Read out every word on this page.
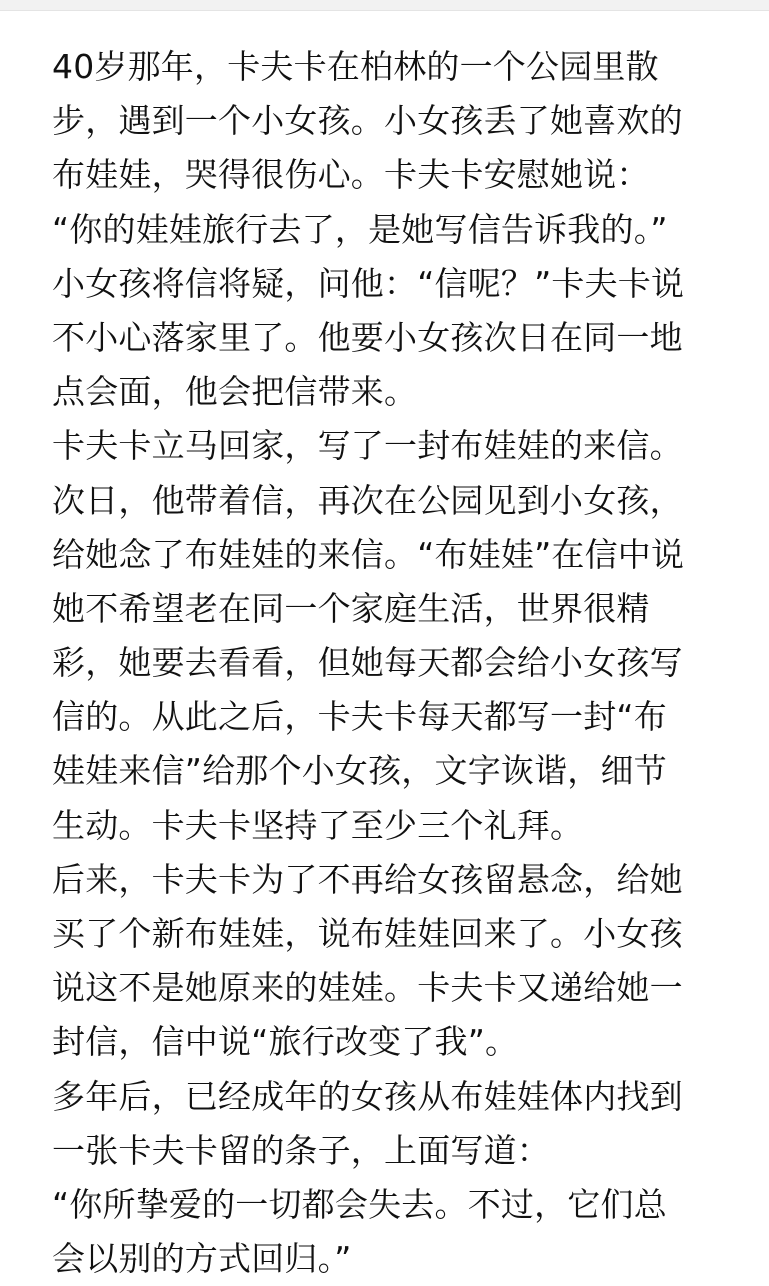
40岁那年，卡夫卡在柏林的一个公园里散
步，遇到一个小女孩。小女孩丢了她喜欢的
布娃娃，哭得很伤心。卡夫卡安慰她说：
“你的娃娃旅行去了，是她写信告诉我的。”
小女孩将信将疑，问他：“信呢？”卡夫卡说
不小心落家里了。他要小女孩次日在同一地
点会面，他会把信带来。
卡夫卡立马回家，写了一封布娃娃的来信。
次日，他带着信，再次在公园见到小女孩，
给她念了布娃娃的来信。“布娃娃”在信中说
她不希望老在同一个家庭生活，世界很精
彩，她要去看看，但她每天都会给小女孩写
信的。从此之后，卡夫卡每天都写一封“布
娃娃来信”给那个小女孩，文字诙谐，细节
生动。卡夫卡坚持了至少三个礼拜。
后来，卡夫卡为了不再给女孩留悬念，给她
买了个新布娃娃，说布娃娃回来了。小女孩
说这不是她原来的娃娃。卡夫卡又递给她一
封信，信中说“旅行改变了我”。
多年后，已经成年的女孩从布娃娃体内找到
一张卡夫卡留的条子，上面写道：
“你所挚爱的一切都会失去。不过，它们总
会以别的方式回归。”
